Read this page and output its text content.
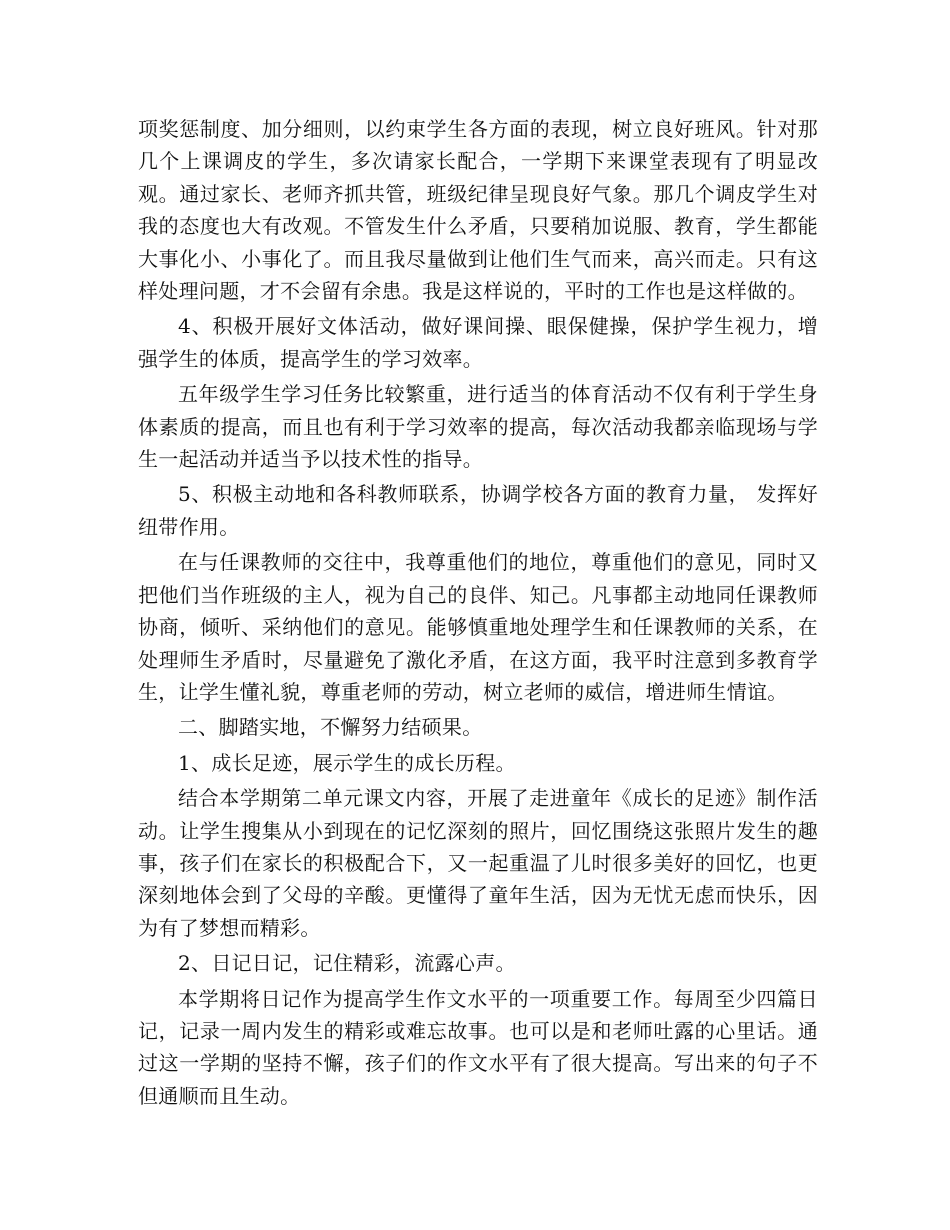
项奖惩制度、加分细则，以约束学生各方面的表现，树立良好班风。针对那几个上课调皮的学生，多次请家长配合，一学期下来课堂表现有了明显改观。通过家长、老师齐抓共管，班级纪律呈现良好气象。那几个调皮学生对我的态度也大有改观。不管发生什么矛盾，只要稍加说服、教育，学生都能大事化小、小事化了。而且我尽量做到让他们生气而来，高兴而走。只有这样处理问题，才不会留有余患。我是这样说的，平时的工作也是这样做的。

4、积极开展好文体活动，做好课间操、眼保健操，保护学生视力，增强学生的体质，提高学生的学习效率。

五年级学生学习任务比较繁重，进行适当的体育活动不仅有利于学生身体素质的提高，而且也有利于学习效率的提高，每次活动我都亲临现场与学生一起活动并适当予以技术性的指导。

5、积极主动地和各科教师联系，协调学校各方面的教育力量， 发挥好纽带作用。

在与任课教师的交往中，我尊重他们的地位，尊重他们的意见，同时又把他们当作班级的主人，视为自己的良伴、知己。凡事都主动地同任课教师协商，倾听、采纳他们的意见。能够慎重地处理学生和任课教师的关系，在处理师生矛盾时，尽量避免了激化矛盾，在这方面，我平时注意到多教育学生，让学生懂礼貌，尊重老师的劳动，树立老师的威信，增进师生情谊。

二、脚踏实地，不懈努力结硕果。

1、成长足迹，展示学生的成长历程。

结合本学期第二单元课文内容，开展了走进童年《成长的足迹》制作活动。让学生搜集从小到现在的记忆深刻的照片，回忆围绕这张照片发生的趣事，孩子们在家长的积极配合下，又一起重温了儿时很多美好的回忆，也更深刻地体会到了父母的辛酸。更懂得了童年生活，因为无忧无虑而快乐，因为有了梦想而精彩。

2、日记日记，记住精彩，流露心声。

本学期将日记作为提高学生作文水平的一项重要工作。每周至少四篇日记，记录一周内发生的精彩或难忘故事。也可以是和老师吐露的心里话。通过这一学期的坚持不懈，孩子们的作文水平有了很大提高。写出来的句子不但通顺而且生动。
